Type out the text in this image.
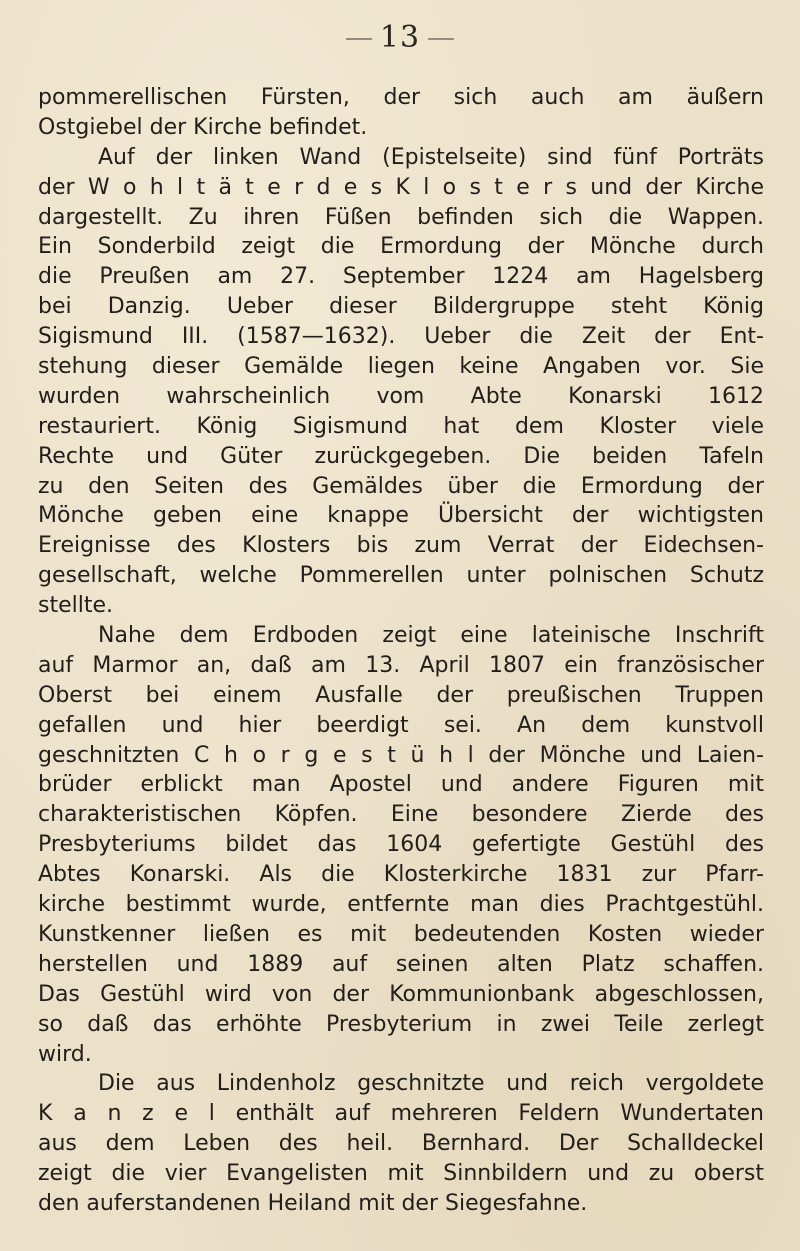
13
pommerellischen Fürsten, der sich auch am äußern
Ostgiebel der Kirche befindet.
Auf der linken Wand (Epistelseite) sind fünf Porträts
der W o h l t ä t e r d e s K l o s t e r s und der Kirche
dargestellt. Zu ihren Füßen befinden sich die Wappen.
Ein Sonderbild zeigt die Ermordung der Mönche durch
die Preußen am 27. September 1224 am Hagelsberg
bei Danzig. Ueber dieser Bildergruppe steht König
Sigismund III. (1587—1632). Ueber die Zeit der Ent-
stehung dieser Gemälde liegen keine Angaben vor. Sie
wurden wahrscheinlich vom Abte Konarski 1612
restauriert. König Sigismund hat dem Kloster viele
Rechte und Güter zurückgegeben. Die beiden Tafeln
zu den Seiten des Gemäldes über die Ermordung der
Mönche geben eine knappe Übersicht der wichtigsten
Ereignisse des Klosters bis zum Verrat der Eidechsen-
gesellschaft, welche Pommerellen unter polnischen Schutz
stellte.
Nahe dem Erdboden zeigt eine lateinische Inschrift
auf Marmor an, daß am 13. April 1807 ein französischer
Oberst bei einem Ausfalle der preußischen Truppen
gefallen und hier beerdigt sei. An dem kunstvoll
geschnitzten C h o r g e s t ü h l der Mönche und Laien-
brüder erblickt man Apostel und andere Figuren mit
charakteristischen Köpfen. Eine besondere Zierde des
Presbyteriums bildet das 1604 gefertigte Gestühl des
Abtes Konarski. Als die Klosterkirche 1831 zur Pfarr-
kirche bestimmt wurde, entfernte man dies Prachtgestühl.
Kunstkenner ließen es mit bedeutenden Kosten wieder
herstellen und 1889 auf seinen alten Platz schaffen.
Das Gestühl wird von der Kommunionbank abgeschlossen,
so daß das erhöhte Presbyterium in zwei Teile zerlegt
wird.
Die aus Lindenholz geschnitzte und reich vergoldete
K a n z e l enthält auf mehreren Feldern Wundertaten
aus dem Leben des heil. Bernhard. Der Schalldeckel
zeigt die vier Evangelisten mit Sinnbildern und zu oberst
den auferstandenen Heiland mit der Siegesfahne.
